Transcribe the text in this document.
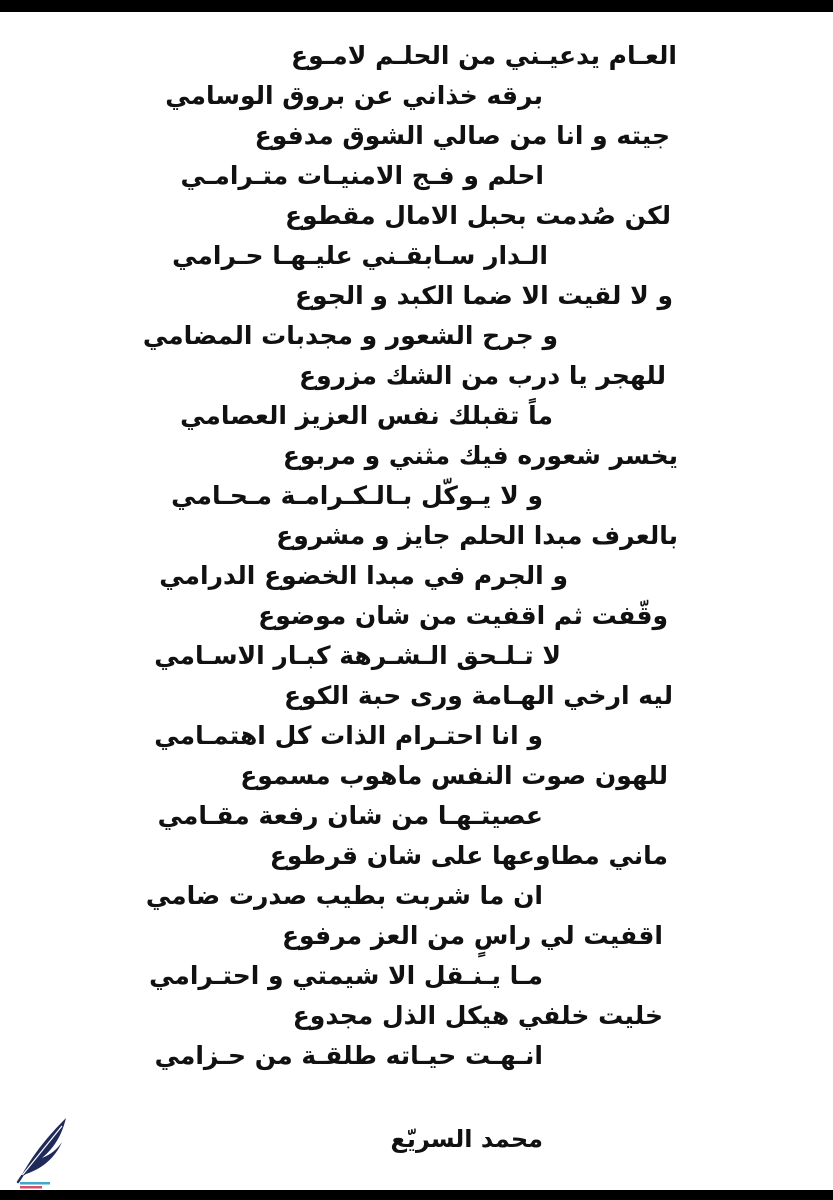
العـام يدعيـني من الحلـم لامـوع
برقه خذاني عن بروق الوسامي
جيته و انا من صالي الشوق مدفوع
احلم و فـج الامنيـات متـرامـي
لكن صُدمت بحبل الامال مقطوع
الـدار سـابقـني عليـهـا حـرامي
و لا لقيت الا ضما الكبد و الجوع
و جرح الشعور و مجدبات المضامي
للهجر يا درب من الشك مزروع
ماً تقبلك نفس العزيز العصامي
يخسر شعوره فيك مثني و مربوع
و لا يـوكّل بـالـكـرامـة مـحـامي
بالعرف مبدا الحلم جايز و مشروع
و الجرم في مبدا الخضوع الدرامي
وقّفت ثم اقفيت من شان موضوع
لا تـلـحق الـشـرهة كبـار الاسـامي
ليه ارخي الهـامة ورى حبة الكوع
و انا احتـرام الذات كل اهتمـامي
للهون صوت النفس ماهوب مسموع
عصيتـهـا من شان رفعة مقـامي
ماني مطاوعها على شان قرطوع
ان ما شربت بطيب صدرت ضامي
اقفيت لي راسٍ من العز مرفوع
مـا يـنـقل الا شيمتي و احتـرامي
خليت خلفي هيكل الذل مجدوع
انـهـت حيـاته طلقـة من حـزامي
محمد السريّع
